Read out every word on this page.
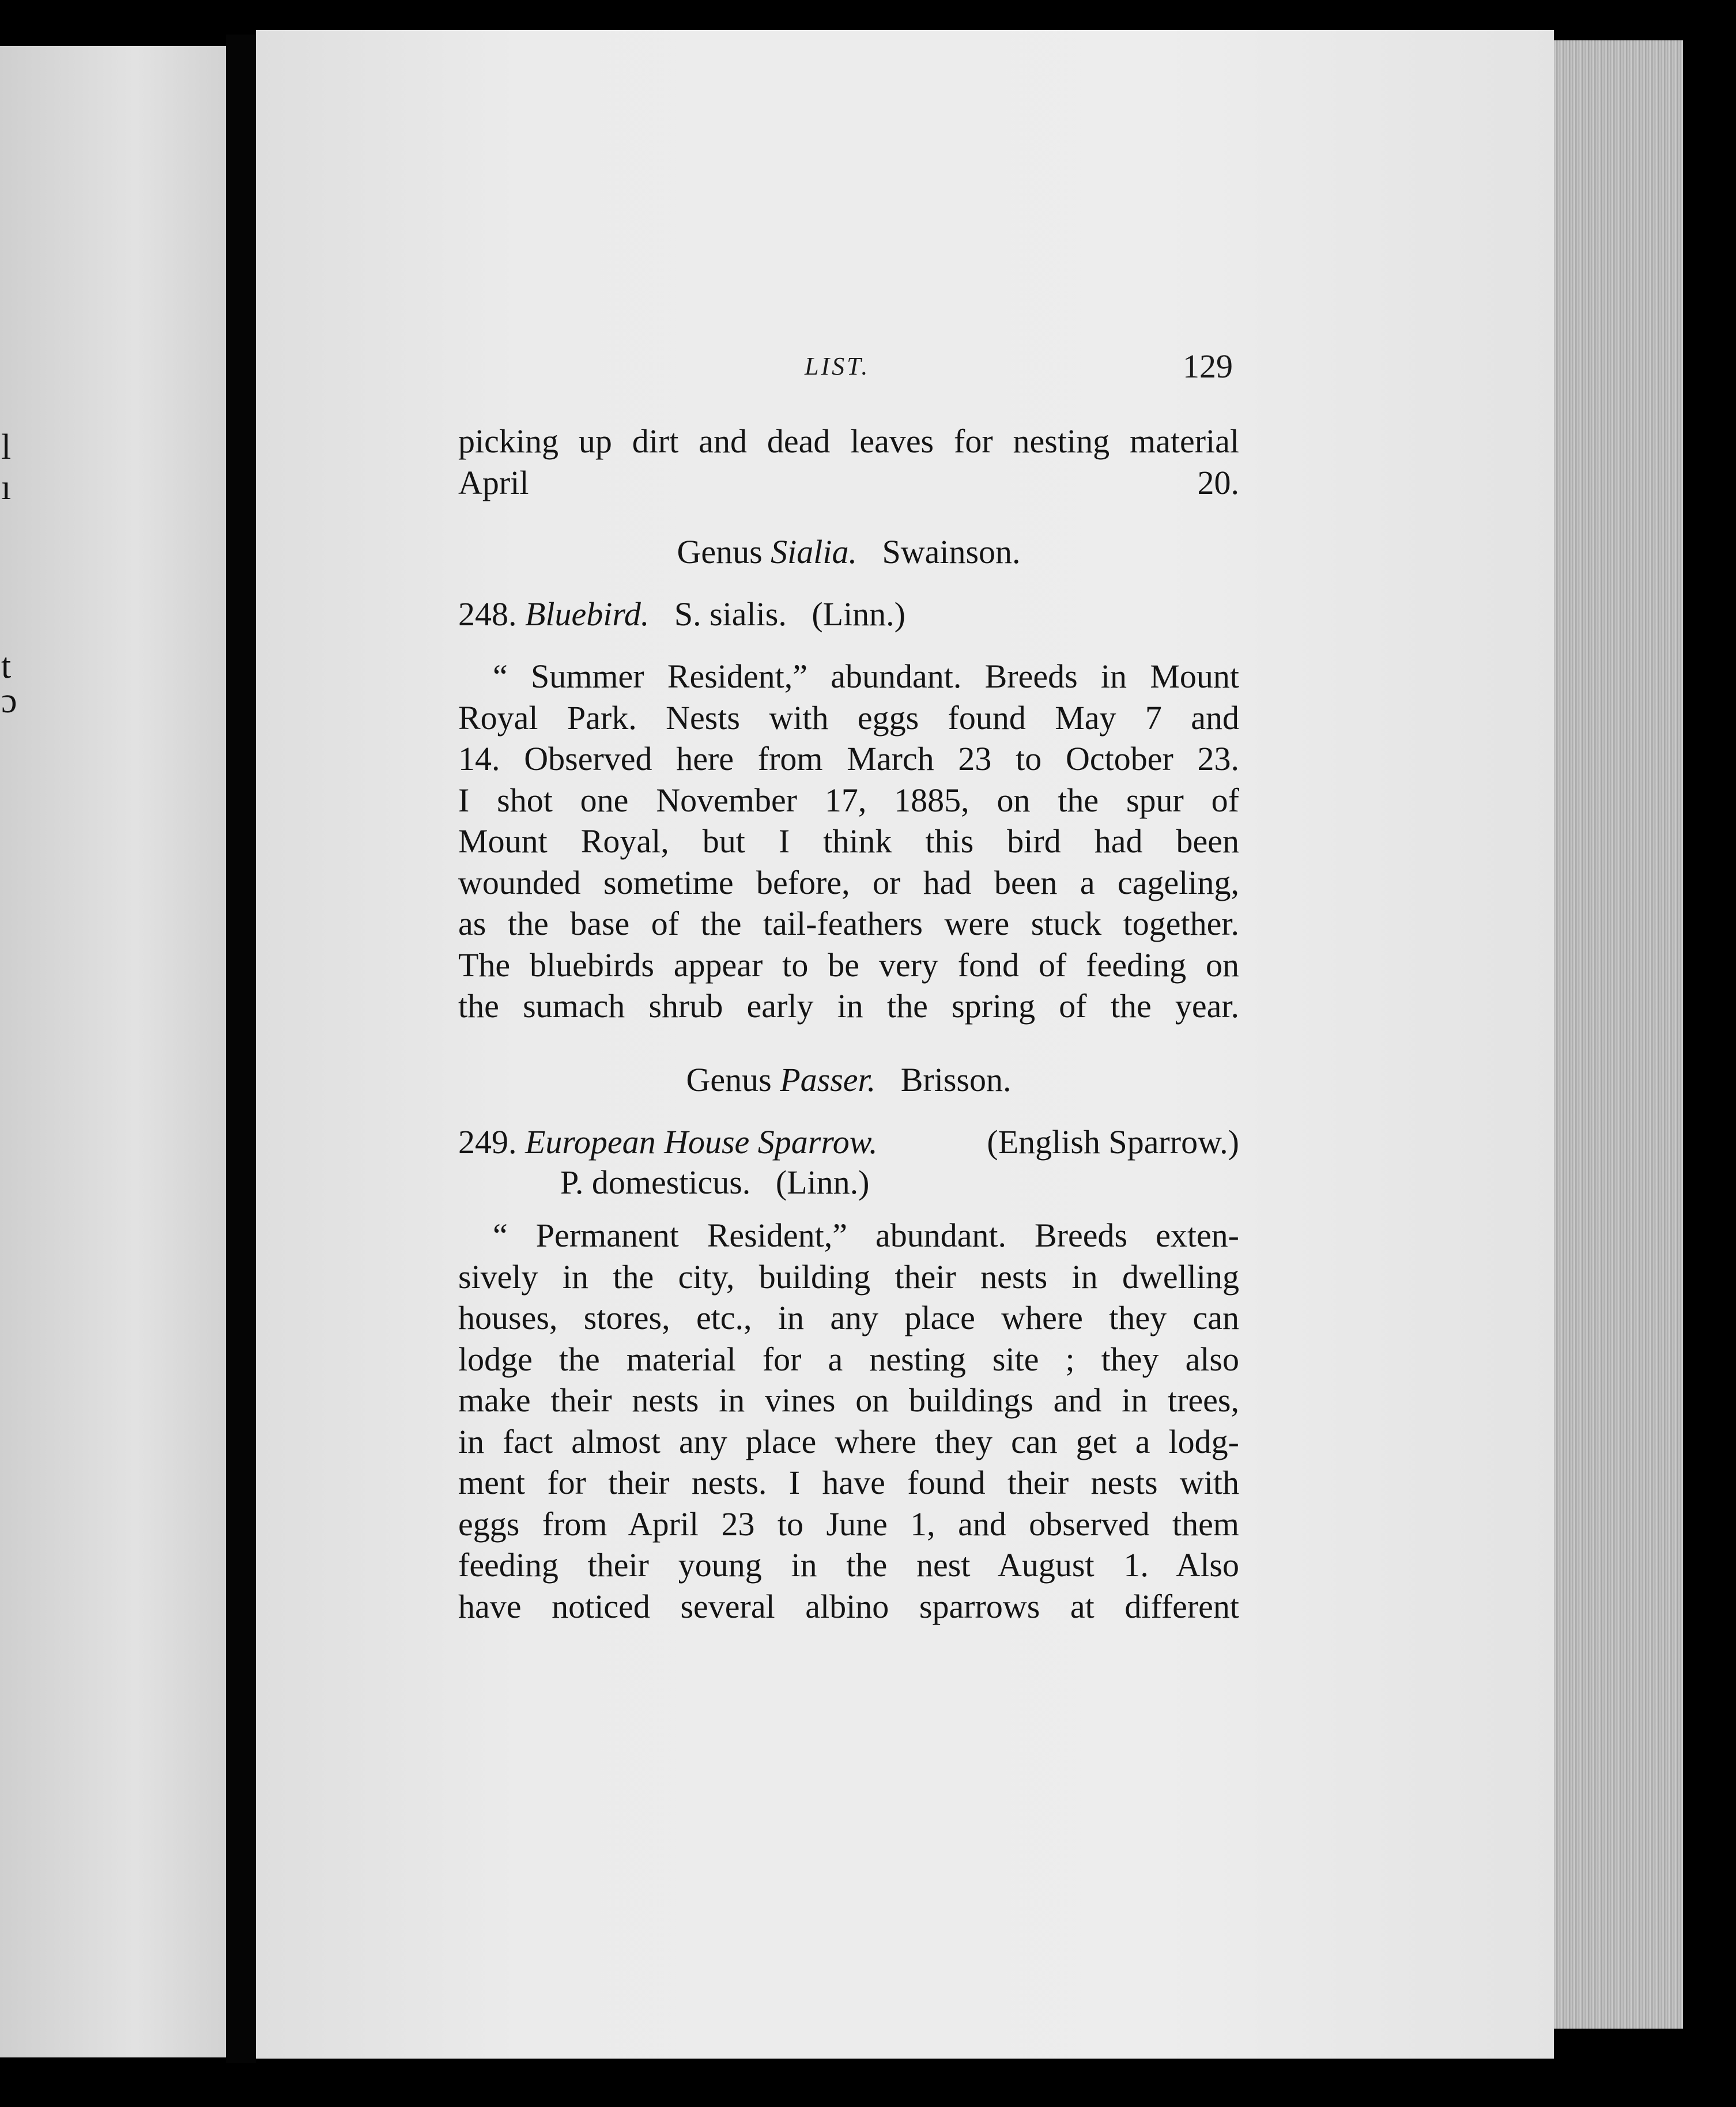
l
ı
t
ɔ
LIST.	129
picking up dirt and dead leaves for nesting material
April 20.
Genus Sialia. Swainson.
248. Bluebird. S. sialis. (Linn.)
“ Summer Resident,” abundant. Breeds in Mount
Royal Park. Nests with eggs found May 7 and
14. Observed here from March 23 to October 23.
I shot one November 17, 1885, on the spur of
Mount Royal, but I think this bird had been
wounded sometime before, or had been a cageling,
as the base of the tail-feathers were stuck together.
The bluebirds appear to be very fond of feeding on
the sumach shrub early in the spring of the year.
Genus Passer. Brisson.
249. European House Sparrow.	(English Sparrow.)
P. domesticus. (Linn.)
“ Permanent Resident,” abundant. Breeds exten-
sively in the city, building their nests in dwelling
houses, stores, etc., in any place where they can
lodge the material for a nesting site ; they also
make their nests in vines on buildings and in trees,
in fact almost any place where they can get a lodg-
ment for their nests. I have found their nests with
eggs from April 23 to June 1, and observed them
feeding their young in the nest August 1. Also
have noticed several albino sparrows at different
